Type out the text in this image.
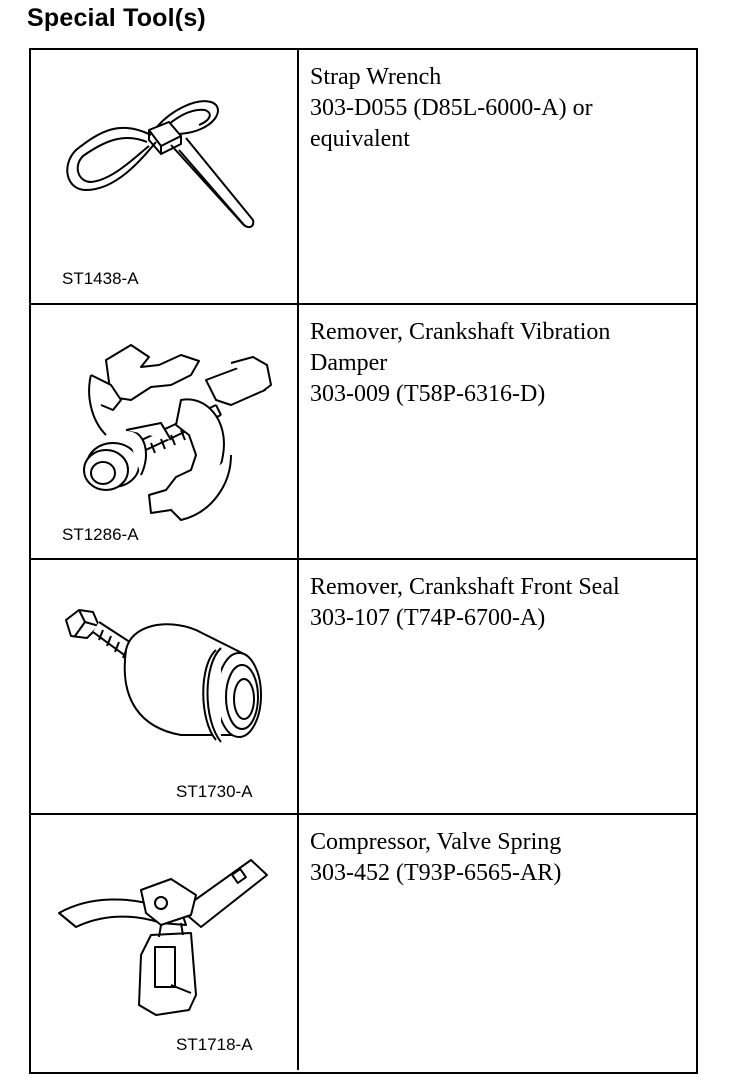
Special Tool(s)
ST1438-A
Strap Wrench
303-D055 (D85L-6000-A) or
equivalent
ST1286-A
Remover, Crankshaft Vibration
Damper
303-009 (T58P-6316-D)
ST1730-A
Remover, Crankshaft Front Seal
303-107 (T74P-6700-A)
ST1718-A
Compressor, Valve Spring
303-452 (T93P-6565-AR)
